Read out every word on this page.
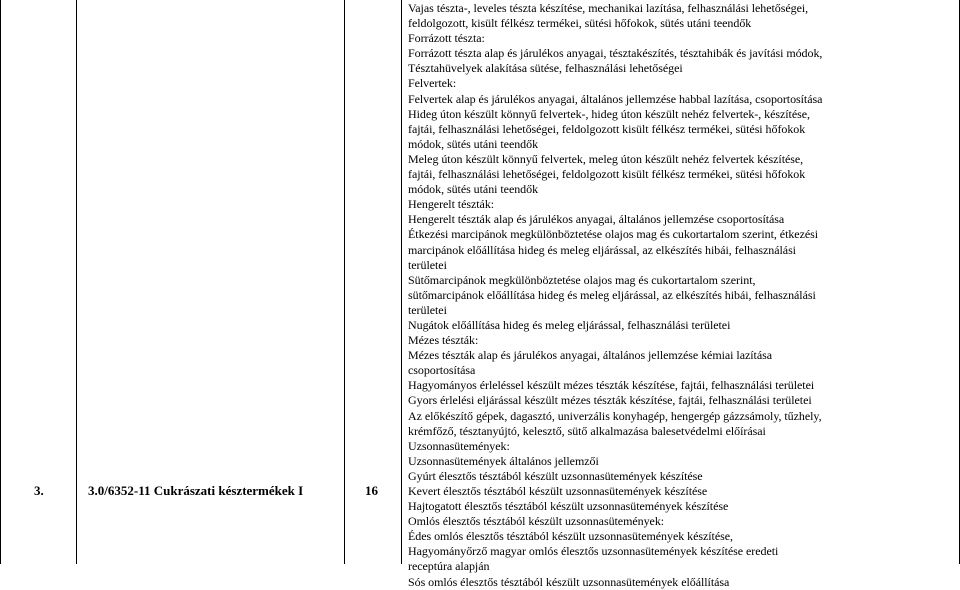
3.	3.0/6352-11 Cukrászati késztermékek I	16
Vajas tészta-, leveles tészta készítése, mechanikai lazítása, felhasználási lehetőségei,
feldolgozott, kisült félkész termékei, sütési hőfokok, sütés utáni teendők
Forrázott tészta:
Forrázott tészta alap és járulékos anyagai, tésztakészítés, tésztahibák és javítási módok,
Tésztahüvelyek alakítása sütése, felhasználási lehetőségei
Felvertek:
Felvertek alap és járulékos anyagai, általános jellemzése habbal lazítása, csoportosítása
Hideg úton készült könnyű felvertek-, hideg úton készült nehéz felvertek-, készítése,
fajtái, felhasználási lehetőségei, feldolgozott kisült félkész termékei, sütési hőfokok
módok, sütés utáni teendők
Meleg úton készült könnyű felvertek, meleg úton készült nehéz felvertek készítése,
fajtái, felhasználási lehetőségei, feldolgozott kisült félkész termékei, sütési hőfokok
módok, sütés utáni teendők
Hengerelt tészták:
Hengerelt tészták alap és járulékos anyagai, általános jellemzése csoportosítása
Étkezési marcipánok megkülönböztetése olajos mag és cukortartalom szerint, étkezési
marcipánok előállítása hideg és meleg eljárással, az elkészítés hibái, felhasználási
területei
Sütőmarcipánok megkülönböztetése olajos mag és cukortartalom szerint,
sütőmarcipánok előállítása hideg és meleg eljárással, az elkészítés hibái, felhasználási
területei
Nugátok előállítása hideg és meleg eljárással, felhasználási területei
Mézes tészták:
Mézes tészták alap és járulékos anyagai, általános jellemzése kémiai lazítása
csoportosítása
Hagyományos érleléssel készült mézes tészták készítése, fajtái, felhasználási területei
Gyors érlelési eljárással készült mézes tészták készítése, fajtái, felhasználási területei
Az előkészítő gépek, dagasztó, univerzális konyhagép, hengergép gázzsámoly, tűzhely,
krémfőző, tésztanyújtó, kelesztő, sütő alkalmazása balesetvédelmi előírásai
Uzsonnasütemények:
Uzsonnasütemények általános jellemzői
Gyúrt élesztős tésztából készült uzsonnasütemények készítése
Kevert élesztős tésztából készült uzsonnasütemények készítése
Hajtogatott élesztős tésztából készült uzsonnasütemények készítése
Omlós élesztős tésztából készült uzsonnasütemények:
Édes omlós élesztős tésztából készült uzsonnasütemények készítése,
Hagyományőrző magyar omlós élesztős uzsonnasütemények készítése eredeti
receptúra alapján
Sós omlós élesztős tésztából készült uzsonnasütemények előállítása
